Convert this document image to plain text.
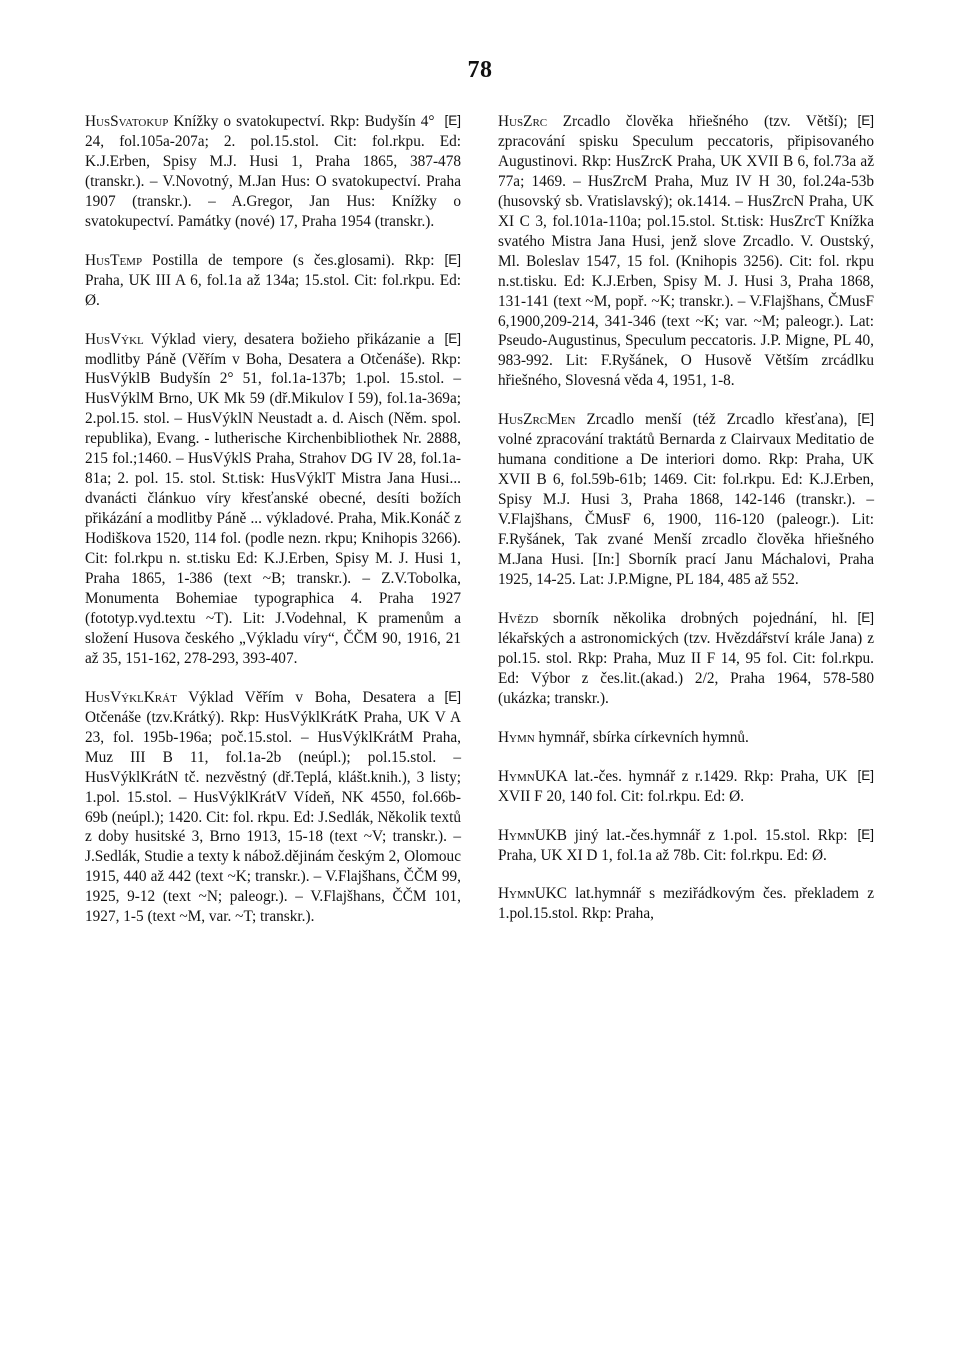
78

[E]
HusSvatokup Knížky o svatokupectví. Rkp: Budyšín 4° 24, fol.105a-207a; 2. pol.15.stol. Cit: fol.rkpu. Ed: K.J.Erben, Spisy M.J. Husi 1, Praha 1865, 387-478 (transkr.). – V.Novotný, M.Jan Hus: O svatokupectví. Praha 1907 (transkr.). – A.Gregor, Jan Hus: Knížky o svatokupectví. Památky (nové) 17, Praha 1954 (transkr.).

[E]
HusTemp Postilla de tempore (s čes.glosami). Rkp: Praha, UK III A 6, fol.1a až 134a; 15.stol. Cit: fol.rkpu. Ed: Ø.

[E]
HusVýkl Výklad viery, desatera božieho přikázanie a modlitby Páně (Věřím v Boha, Desatera a Otčenáše). Rkp: HusVýklB Budyšín 2° 51, fol.1a-137b; 1.pol. 15.stol. – HusVýklM Brno, UK Mk 59 (dř.Mikulov I 59), fol.1a-369a; 2.pol.15. stol. – HusVýklN Neustadt a. d. Aisch (Něm. spol. republika), Evang. - lutherische Kirchenbibliothek Nr. 2888, 215 fol.;1460. – HusVýklS Praha, Strahov DG IV 28, fol.1a-81a; 2. pol. 15. stol. St.tisk: HusVýklT Mistra Jana Husi... dvanácti článkuo víry křesťanské obecné, desíti božích přikázání a modlitby Páně ... výkladové. Praha, Mik.Konáč z Hodiškova 1520, 114 fol. (podle nezn. rkpu; Knihopis 3266). Cit: fol.rkpu n. st.tisku Ed: K.J.Erben, Spisy M. J. Husi 1, Praha 1865, 1-386 (text ~B; transkr.). – Z.V.Tobolka, Monumenta Bohemiae typographica 4. Praha 1927 (fototyp.vyd.textu ~T). Lit: J.Vodehnal, K pramenům a složení Husova českého „Výkladu víry“, ČČM 90, 1916, 21 až 35, 151-162, 278-293, 393-407.

[E]
HusVýklKrát Výklad Věřím v Boha, Desatera a Otčenáše (tzv.Krátký). Rkp: HusVýklKrátK Praha, UK V A 23, fol. 195b-196a; poč.15.stol. – HusVýklKrátM Praha, Muz III B 11, fol.1a-2b (neúpl.); pol.15.stol. – HusVýklKrátN tč. nezvěstný (dř.Teplá, klášt.knih.), 3 listy; 1.pol. 15.stol. – HusVýklKrátV Vídeň, NK 4550, fol.66b-69b (neúpl.); 1420. Cit: fol. rkpu. Ed: J.Sedlák, Několik textů z doby husitské 3, Brno 1913, 15-18 (text ~V; transkr.). – J.Sedlák, Studie a texty k nábož.dějinám českým 2, Olomouc 1915, 440 až 442 (text ~K; transkr.). – V.Flajšhans, ČČM 99, 1925, 9-12 (text ~N; paleogr.). – V.Flajšhans, ČČM 101, 1927, 1-5 (text ~M, var. ~T; transkr.).

[E]
HusZrc Zrcadlo člověka hřiešného (tzv. Větší); zpracování spisku Speculum peccatoris, připisovaného Augustinovi. Rkp: HusZrcK Praha, UK XVII B 6, fol.73a až 77a; 1469. – HusZrcM Praha, Muz IV H 30, fol.24a-53b (husovský sb. Vratislavský); ok.1414. – HusZrcN Praha, UK XI C 3, fol.101a-110a; pol.15.stol. St.tisk: HusZrcT Knížka svatého Mistra Jana Husi, jenž slove Zrcadlo. V. Oustský, Ml. Boleslav 1547, 15 fol. (Knihopis 3256). Cit: fol. rkpu n.st.tisku. Ed: K.J.Erben, Spisy M. J. Husi 3, Praha 1868, 131-141 (text ~M, popř. ~K; transkr.). – V.Flajšhans, ČMusF 6,1900,209-214, 341-346 (text ~K; var. ~M; paleogr.). Lat: Pseudo-Augustinus, Speculum peccatoris. J.P. Migne, PL 40, 983-992. Lit: F.Ryšánek, O Husově Větším zrcádlku hřiešného, Slovesná věda 4, 1951, 1-8.

[E]
HusZrcMen Zrcadlo menší (též Zrcadlo křesťana), volné zpracování traktátů Bernarda z Clairvaux Meditatio de humana conditione a De interiori domo. Rkp: Praha, UK XVII B 6, fol.59b-61b; 1469. Cit: fol.rkpu. Ed: K.J.Erben, Spisy M.J. Husi 3, Praha 1868, 142-146 (transkr.). – V.Flajšhans, ČMusF 6, 1900, 116-120 (paleogr.). Lit: F.Ryšánek, Tak zvané Menší zrcadlo člověka hřiešného M.Jana Husi. [In:] Sborník prací Janu Máchalovi, Praha 1925, 14-25. Lat: J.P.Migne, PL 184, 485 až 552.

[E]
Hvězd sborník několika drobných pojednání, hl. lékařských a astronomických (tzv. Hvězdářství krále Jana) z pol.15. stol. Rkp: Praha, Muz II F 14, 95 fol. Cit: fol.rkpu. Ed: Výbor z čes.lit.(akad.) 2/2, Praha 1964, 578-580 (ukázka; transkr.).

Hymn hymnář, sbírka církevních hymnů.

[E]
HymnUKA lat.-čes. hymnář z r.1429. Rkp: Praha, UK XVII F 20, 140 fol. Cit: fol.rkpu. Ed: Ø.

[E]
HymnUKB jiný lat.-čes.hymnář z 1.pol. 15.stol. Rkp: Praha, UK XI D 1, fol.1a až 78b. Cit: fol.rkpu. Ed: Ø.

HymnUKC lat.hymnář s meziřádkovým čes. překladem z 1.pol.15.stol. Rkp: Praha,
